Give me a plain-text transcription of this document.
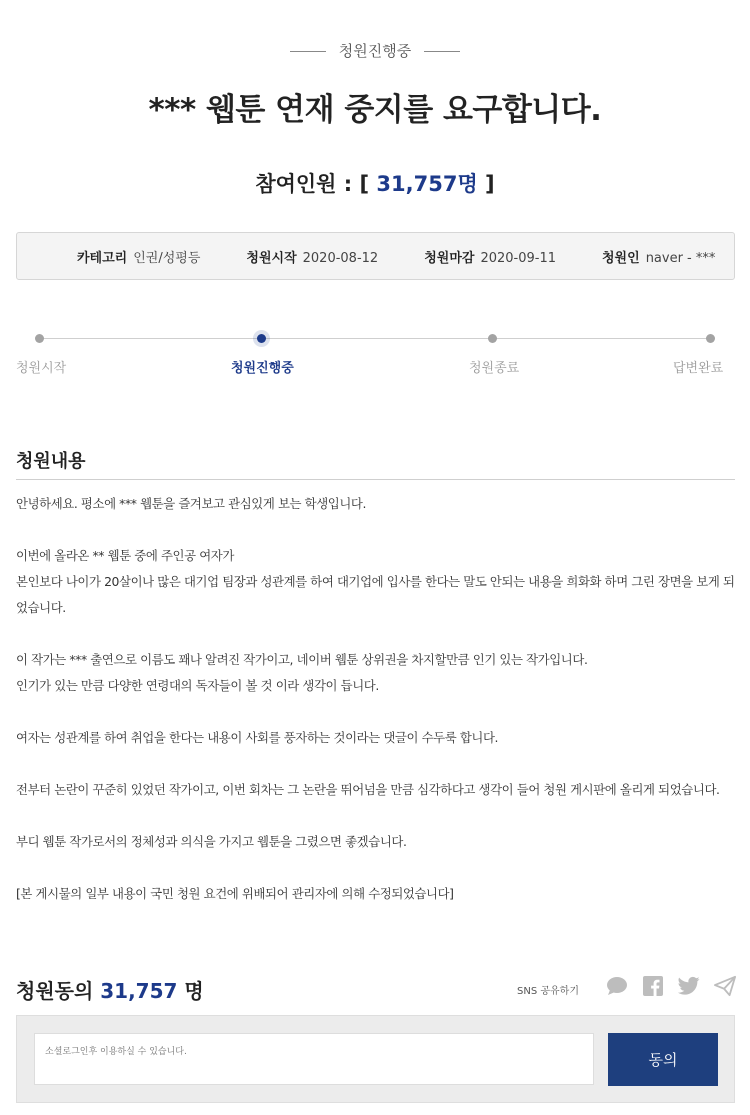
청원진행중
*** 웹툰 연재 중지를 요구합니다.
참여인원 : [ 31,757명 ]
카테고리 인권/성평등	청원시작 2020-08-12	청원마감 2020-09-11	청원인 naver - ***
청원시작	청원진행중	청원종료	답변완료
청원내용

안녕하세요. 평소에 *** 웹툰을 즐겨보고 관심있게 보는 학생입니다.

이번에 올라온 ** 웹툰 중에 주인공 여자가
본인보다 나이가 20살이나 많은 대기업 팀장과 성관계를 하여 대기업에 입사를 한다는 말도 안되는 내용을 희화화 하며 그린 장면을 보게 되었습니다.

이 작가는 *** 출연으로 이름도 꽤나 알려진 작가이고, 네이버 웹툰 상위권을 차지할만큼 인기 있는 작가입니다.
인기가 있는 만큼 다양한 연령대의 독자들이 볼 것 이라 생각이 듭니다.

여자는 성관계를 하여 취업을 한다는 내용이 사회를 풍자하는 것이라는 댓글이 수두룩 합니다.

전부터 논란이 꾸준히 있었던 작가이고, 이번 회차는 그 논란을 뛰어넘을 만큼 심각하다고 생각이 들어 청원 게시판에 올리게 되었습니다.

부디 웹툰 작가로서의 정체성과 의식을 가지고 웹툰을 그렸으면 좋겠습니다.

[본 게시물의 일부 내용이 국민 청원 요건에 위배되어 관리자에 의해 수정되었습니다]

청원동의 31,757 명	SNS 공유하기
소셜로그인후 이용하실 수 있습니다.
동의
